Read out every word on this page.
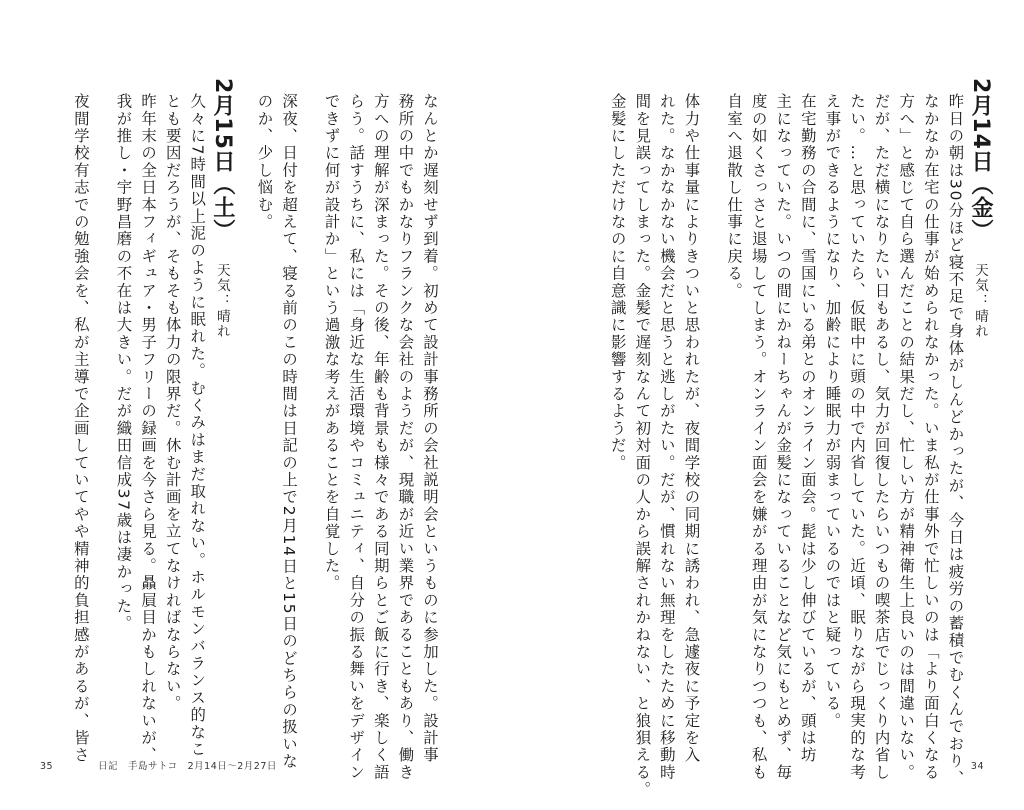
2月14日（金） 天気：晴れ
昨日の朝は30分ほど寝不足で身体がしんどかったが、今日は疲労の蓄積でむくんでおり、
なかなか在宅の仕事が始められなかった。いま私が仕事外で忙しいのは「より面白くなる
方へ」と感じて自ら選んだことの結果だし、忙しい方が精神衛生上良いのは間違いない。
だが、ただ横になりたい日もあるし、気力が回復したらいつもの喫茶店でじっくり内省し
たい。…と思っていたら、仮眠中に頭の中で内省していた。近頃、眠りながら現実的な考
え事ができるようになり、加齢により睡眠力が弱まっているのではと疑っている。
在宅勤務の合間に、雪国にいる弟とのオンライン面会。髭は少し伸びているが、頭は坊
主になっていた。いつの間にかねーちゃんが金髪になっていることなど気にもとめず、毎
度の如くさっさと退場してしまう。オンライン面会を嫌がる理由が気になりつつも、私も
自室へ退散し仕事に戻る。
体力や仕事量によりきついと思われたが、夜間学校の同期に誘われ、急遽夜に予定を入
れた。なかなかない機会だと思うと逃しがたい。だが、慣れない無理をしたために移動時
間を見誤ってしまった。金髪で遅刻なんて初対面の人から誤解されかねない、と狼狽える。
金髪にしただけなのに自意識に影響するようだ。
34
なんとか遅刻せず到着。初めて設計事務所の会社説明会というものに参加した。設計事
務所の中でもかなりフランクな会社のようだが、現職が近い業界であることもあり、働き
方への理解が深まった。その後、年齢も背景も様々である同期らとご飯に行き、楽しく語
らう。話すうちに、私には「身近な生活環境やコミュニティ、自分の振る舞いをデザイン
できずに何が設計か」という過激な考えがあることを自覚した。
深夜、日付を超えて、寝る前のこの時間は日記の上で2月14日と15日のどちらの扱いな
のか、少し悩む。
2月15日（土） 天気：晴れ
久々に7時間以上泥のように眠れた。むくみはまだ取れない。ホルモンバランス的なこ
とも要因だろうが、そもそも体力の限界だ。休む計画を立てなければならない。
昨年末の全日本フィギュア・男子フリーの録画を今さら見る。贔屓目かもしれないが、
我が推し・宇野昌磨の不在は大きい。だが織田信成37歳は凄かった。
夜間学校有志での勉強会を、私が主導で企画していてやや精神的負担感があるが、皆さ
35	日記　手島サトコ　2月14日〜2月27日
